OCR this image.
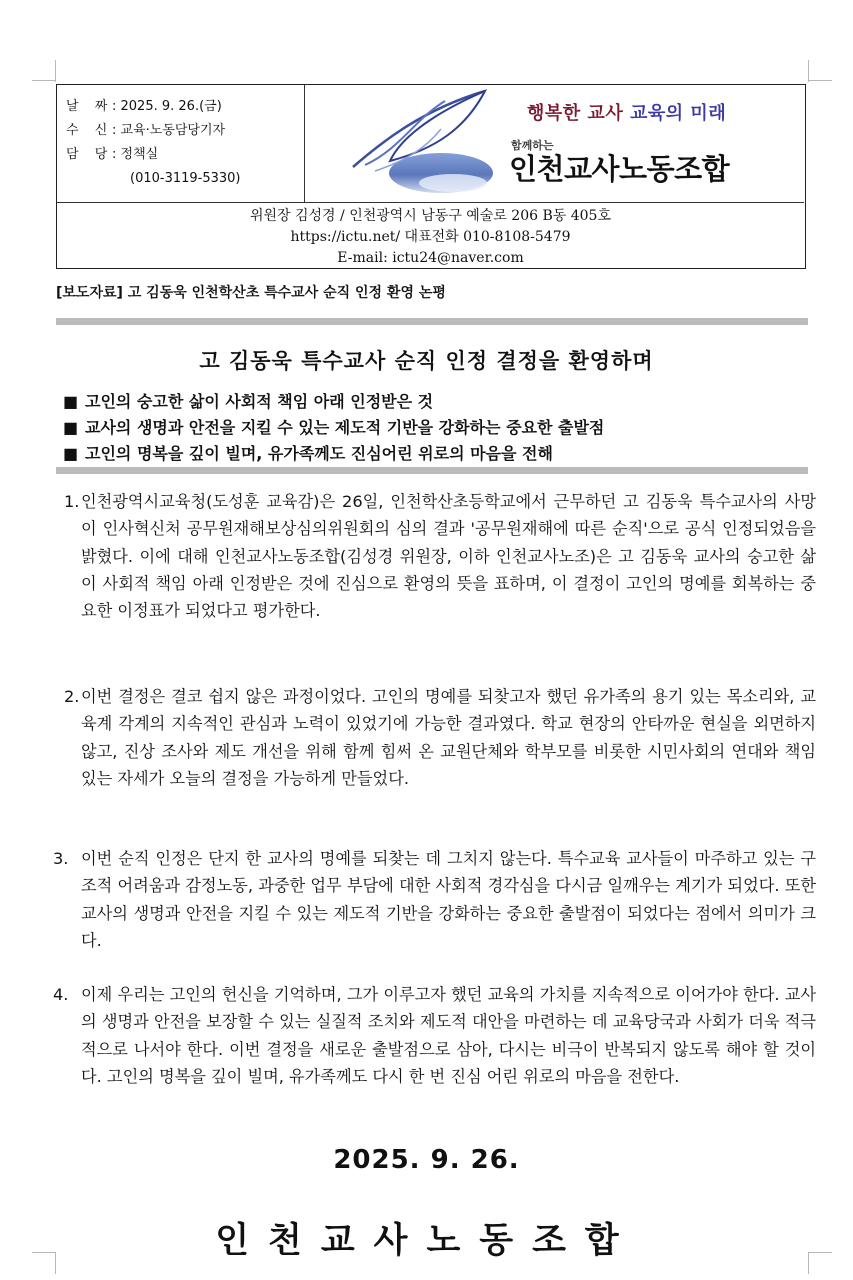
날 짜: 2025. 9. 26.(금)
수 신: 교육·노동담당기자
담 당: 정책실
(010-3119-5330)
행복한 교사 교육의 미래
함께하는
인천교사노동조합
위원장 김성경 / 인천광역시 남동구 예술로 206 B동 405호
https://ictu.net/ 대표전화 010-8108-5479
E-mail: ictu24@naver.com
[보도자료] 고 김동욱 인천학산초 특수교사 순직 인정 환영 논평
고 김동욱 특수교사 순직 인정 결정을 환영하며
■ 고인의 숭고한 삶이 사회적 책임 아래 인정받은 것
■ 교사의 생명과 안전을 지킬 수 있는 제도적 기반을 강화하는 중요한 출발점
■ 고인의 명복을 깊이 빌며, 유가족께도 진심어린 위로의 마음을 전해
1. 인천광역시교육청(도성훈 교육감)은 26일, 인천학산초등학교에서 근무하던 고 김동욱 특수교사의 사망이 인사혁신처 공무원재해보상심의위원회의 심의 결과 '공무원재해에 따른 순직'으로 공식 인정되었음을 밝혔다. 이에 대해 인천교사노동조합(김성경 위원장, 이하 인천교사노조)은 고 김동욱 교사의 숭고한 삶이 사회적 책임 아래 인정받은 것에 진심으로 환영의 뜻을 표하며, 이 결정이 고인의 명예를 회복하는 중요한 이정표가 되었다고 평가한다.
2. 이번 결정은 결코 쉽지 않은 과정이었다. 고인의 명예를 되찾고자 했던 유가족의 용기 있는 목소리와, 교육계 각계의 지속적인 관심과 노력이 있었기에 가능한 결과였다. 학교 현장의 안타까운 현실을 외면하지 않고, 진상 조사와 제도 개선을 위해 함께 힘써 온 교원단체와 학부모를 비롯한 시민사회의 연대와 책임 있는 자세가 오늘의 결정을 가능하게 만들었다.
3. 이번 순직 인정은 단지 한 교사의 명예를 되찾는 데 그치지 않는다. 특수교육 교사들이 마주하고 있는 구조적 어려움과 감정노동, 과중한 업무 부담에 대한 사회적 경각심을 다시금 일깨우는 계기가 되었다. 또한 교사의 생명과 안전을 지킬 수 있는 제도적 기반을 강화하는 중요한 출발점이 되었다는 점에서 의미가 크다.
4. 이제 우리는 고인의 헌신을 기억하며, 그가 이루고자 했던 교육의 가치를 지속적으로 이어가야 한다. 교사의 생명과 안전을 보장할 수 있는 실질적 조치와 제도적 대안을 마련하는 데 교육당국과 사회가 더욱 적극적으로 나서야 한다. 이번 결정을 새로운 출발점으로 삼아, 다시는 비극이 반복되지 않도록 해야 할 것이다. 고인의 명복을 깊이 빌며, 유가족께도 다시 한 번 진심 어린 위로의 마음을 전한다.
2025. 9. 26.
인천교사노동조합
